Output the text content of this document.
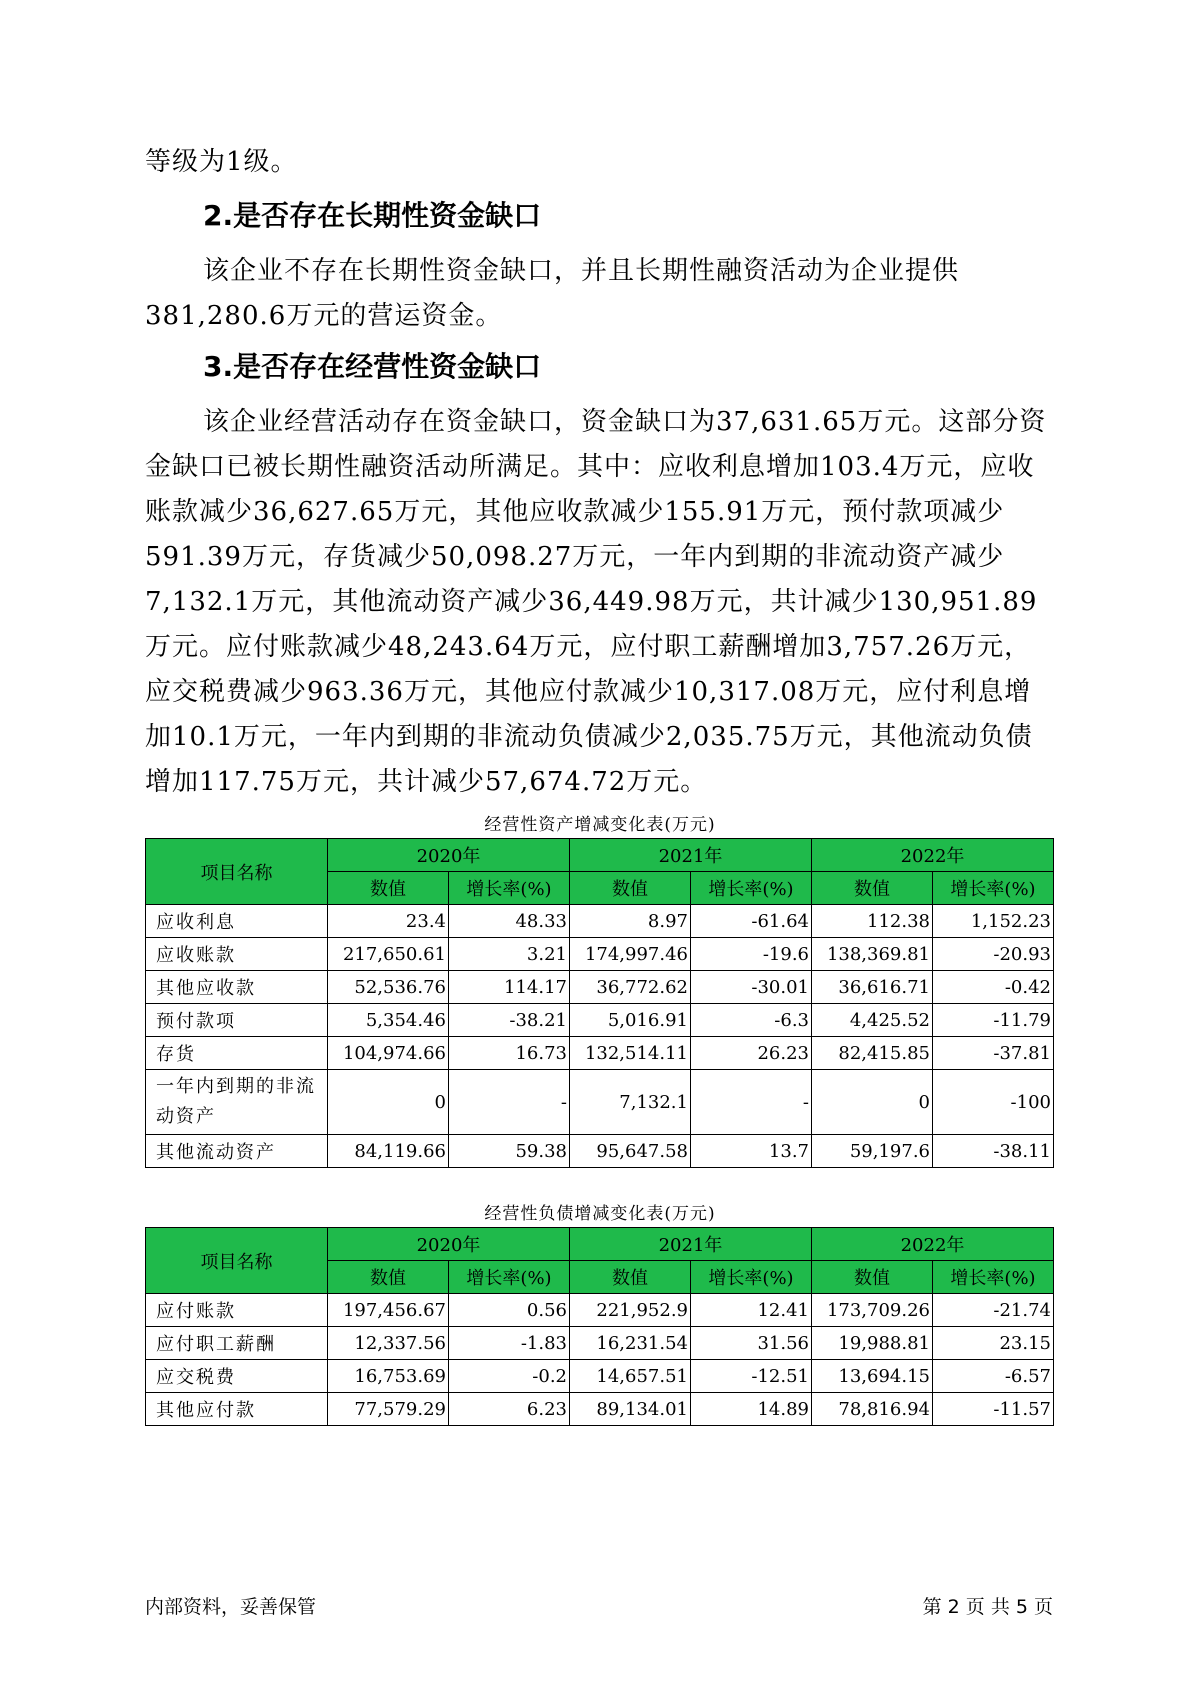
等级为1级。

2.是否存在长期性资金缺口

该企业不存在长期性资金缺口，并且长期性融资活动为企业提供381,280.6万元的营运资金。

3.是否存在经营性资金缺口

该企业经营活动存在资金缺口，资金缺口为37,631.65万元。这部分资金缺口已被长期性融资活动所满足。其中：应收利息增加103.4万元，应收账款减少36,627.65万元，其他应收款减少155.91万元，预付款项减少591.39万元，存货减少50,098.27万元，一年内到期的非流动资产减少7,132.1万元，其他流动资产减少36,449.98万元，共计减少130,951.89万元。应付账款减少48,243.64万元，应付职工薪酬增加3,757.26万元，应交税费减少963.36万元，其他应付款减少10,317.08万元，应付利息增加10.1万元，一年内到期的非流动负债减少2,035.75万元，其他流动负债增加117.75万元，共计减少57,674.72万元。

经营性资产增减变化表(万元)
项目名称	2020年		2021年		2022年	
	数值	增长率(%)	数值	增长率(%)	数值	增长率(%)
应收利息	23.4	48.33	8.97	-61.64	112.38	1,152.23
应收账款	217,650.61	3.21	174,997.46	-19.6	138,369.81	-20.93
其他应收款	52,536.76	114.17	36,772.62	-30.01	36,616.71	-0.42
预付款项	5,354.46	-38.21	5,016.91	-6.3	4,425.52	-11.79
存货	104,974.66	16.73	132,514.11	26.23	82,415.85	-37.81
一年内到期的非流动资产	0	-	7,132.1	-	0	-100
其他流动资产	84,119.66	59.38	95,647.58	13.7	59,197.6	-38.11
经营性负债增减变化表(万元)
项目名称	2020年		2021年		2022年	
	数值	增长率(%)	数值	增长率(%)	数值	增长率(%)
应付账款	197,456.67	0.56	221,952.9	12.41	173,709.26	-21.74
应付职工薪酬	12,337.56	-1.83	16,231.54	31.56	19,988.81	23.15
应交税费	16,753.69	-0.2	14,657.51	-12.51	13,694.15	-6.57
其他应付款	77,579.29	6.23	89,134.01	14.89	78,816.94	-11.57
内部资料，妥善保管	第 2 页 共 5 页
